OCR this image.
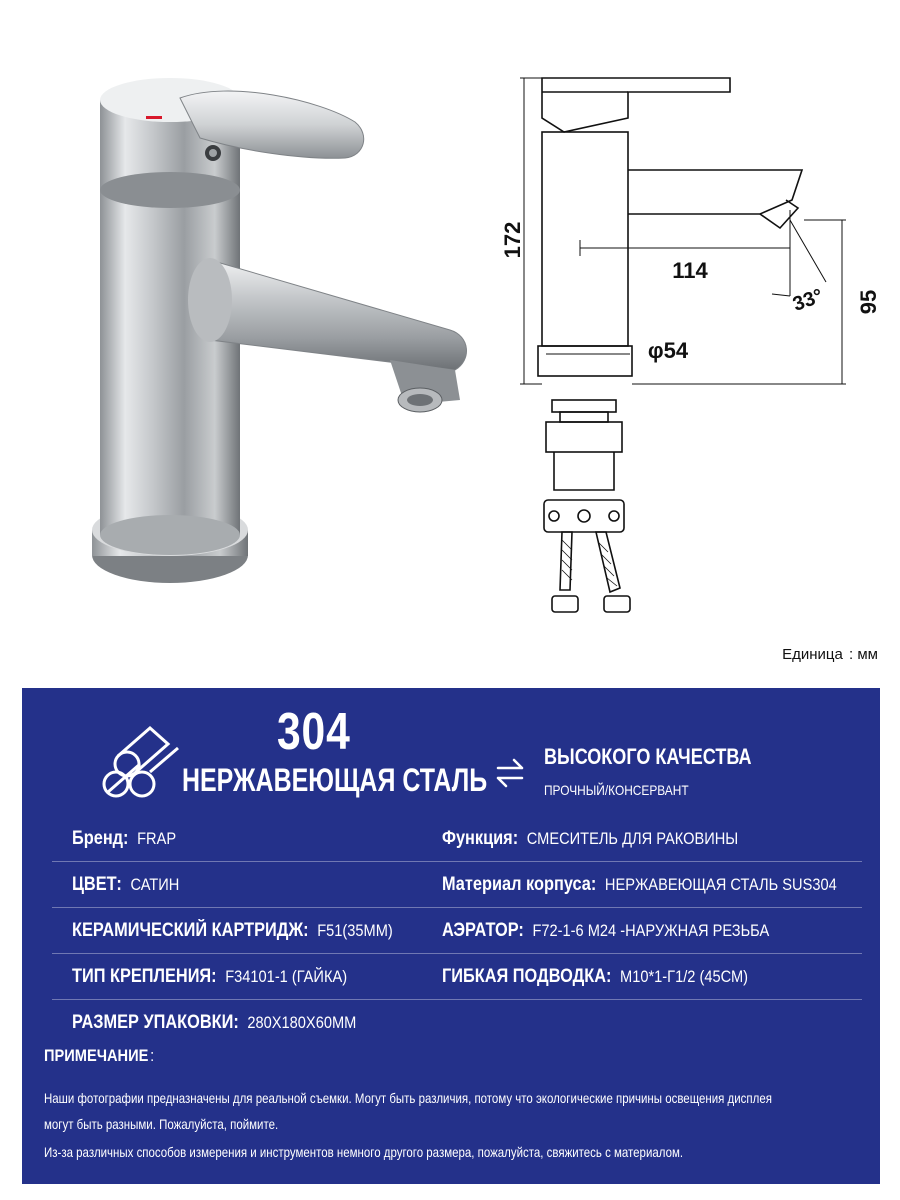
172
114
95
33°
φ54
Единица : мм
304
НЕРЖАВЕЮЩАЯ СТАЛЬ
ВЫСОКОГО КАЧЕСТВА
ПРОЧНЫЙ/КОНСЕРВАНТ
Бренд: FRAP	Функция: СМЕСИТЕЛЬ ДЛЯ РАКОВИНЫ
ЦВЕТ: САТИН	Материал корпуса: НЕРЖАВЕЮЩАЯ СТАЛЬ SUS304
КЕРАМИЧЕСКИЙ КАРТРИДЖ: F51(35ММ)	АЭРАТОР: F72-1-6 M24 -НАРУЖНАЯ РЕЗЬБА
ТИП КРЕПЛЕНИЯ: F34101-1 (ГАЙКА)	ГИБКАЯ ПОДВОДКА: M10*1-Г1/2 (45СМ)
РАЗМЕР УПАКОВКИ: 280X180X60ММ
ПРИМЕЧАНИЕ :
Наши фотографии предназначены для реальной съемки. Могут быть различия, потому что экологические причины освещения дисплея
могут быть разными. Пожалуйста, поймите.
Из-за различных способов измерения и инструментов немного другого размера, пожалуйста, свяжитесь с материалом.
